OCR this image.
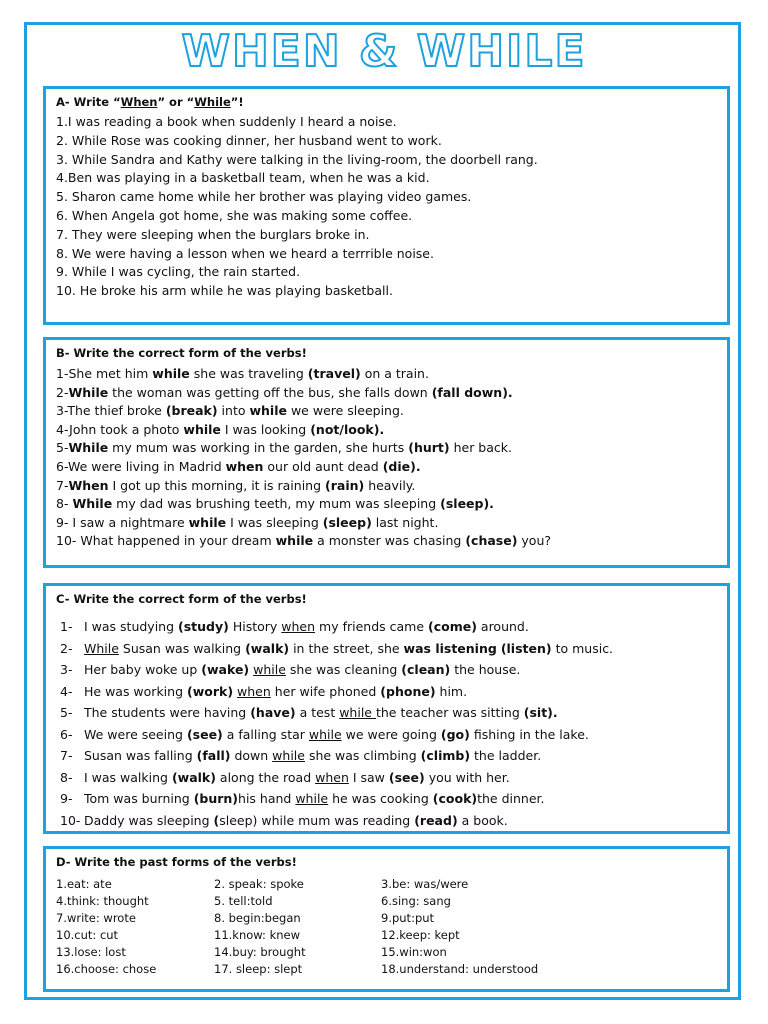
WHEN & WHILE
A- Write “When” or “While”!
1.I was reading a book when suddenly I heard a noise.
2. While Rose was cooking dinner, her husband went to work.
3. While Sandra and Kathy were talking in the living-room, the doorbell rang.
4.Ben was playing in a basketball team, when he was a kid.
5. Sharon came home while her brother was playing video games.
6. When Angela got home, she was making some coffee.
7. They were sleeping when the burglars broke in.
8. We were having a lesson when we heard a terrrible noise.
9. While I was cycling, the rain started.
10. He broke his arm while he was playing basketball.
B- Write the correct form of the verbs!
1-She met him while she was traveling (travel) on a train.
2-While the woman was getting off the bus, she falls down (fall down).
3-The thief broke (break) into while we were sleeping.
4-John took a photo while I was looking (not/look).
5-While my mum was working in the garden, she hurts (hurt) her back.
6-We were living in Madrid when our old aunt dead (die).
7-When I got up this morning, it is raining (rain) heavily.
8- While my dad was brushing teeth, my mum was sleeping (sleep).
9- I saw a nightmare while I was sleeping (sleep) last night.
10- What happened in your dream while a monster was chasing (chase) you?
C- Write the correct form of the verbs!
1- I was studying (study) History when my friends came (come) around.
2- While Susan was walking (walk) in the street, she was listening (listen) to music.
3- Her baby woke up (wake) while she was cleaning (clean) the house.
4- He was working (work) when her wife phoned (phone) him.
5- The students were having (have) a test while the teacher was sitting (sit).
6- We were seeing (see) a falling star while we were going (go) fishing in the lake.
7- Susan was falling (fall) down while she was climbing (climb) the ladder.
8- I was walking (walk) along the road when I saw (see) you with her.
9- Tom was burning (burn)his hand while he was cooking (cook)the dinner.
10- Daddy was sleeping (sleep) while mum was reading (read) a book.
D- Write the past forms of the verbs!
1.eat: ate	2. speak: spoke	3.be: was/were
4.think: thought	5. tell:told	6.sing: sang
7.write: wrote	8. begin:began	9.put:put
10.cut: cut	11.know: knew	12.keep: kept
13.lose: lost	14.buy: brought	15.win:won
16.choose: chose	17. sleep: slept	18.understand: understood
